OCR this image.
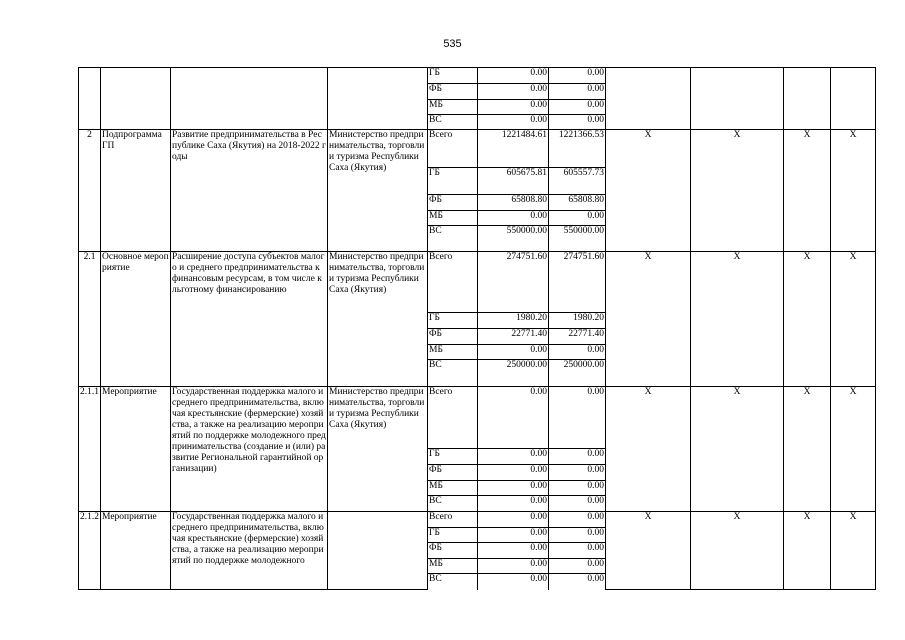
535
				ГБ	0.00	0.00				
				ФБ	0.00	0.00				
				МБ	0.00	0.00				
				ВС	0.00	0.00				
2	Подпрограмма ГП	Развитие предпринимательства в Республике Саха (Якутия) на 2018-2022 годы	Министерство предпринимательства, торговли и туризма Республики Саха (Якутия)	Всего	1221484.61	1221366.53	X	X	X	X
				ГБ	605675.81	605557.73				
				ФБ	65808.80	65808.80				
				МБ	0.00	0.00				
				ВС	550000.00	550000.00				
2.1	Основное мероприятие	Расширение доступа субъектов малого и среднего предпринимательства к финансовым ресурсам, в том числе к льготному финансированию	Министерство предпринимательства, торговли и туризма Республики Саха (Якутия)	Всего	274751.60	274751.60	X	X	X	X
				ГБ	1980.20	1980.20				
				ФБ	22771.40	22771.40				
				МБ	0.00	0.00				
				ВС	250000.00	250000.00				
2.1.1	Мероприятие	Государственная поддержка малого и среднего предпринимательства, включая крестьянские (фермерские) хозяйства, а также на реализацию мероприятий по поддержке молодежного предпринимательства (создание и (или) развитие Региональной гарантийной организации)	Министерство предпринимательства, торговли и туризма Республики Саха (Якутия)	Всего	0.00	0.00	X	X	X	X
				ГБ	0.00	0.00				
				ФБ	0.00	0.00				
				МБ	0.00	0.00				
				ВС	0.00	0.00				
2.1.2	Мероприятие	Государственная поддержка малого и среднего предпринимательства, включая крестьянские (фермерские) хозяйства, а также на реализацию мероприятий по поддержке молодежного		Всего	0.00	0.00	X	X	X	X
				ГБ	0.00	0.00				
				ФБ	0.00	0.00				
				МБ	0.00	0.00				
				ВС	0.00	0.00				
